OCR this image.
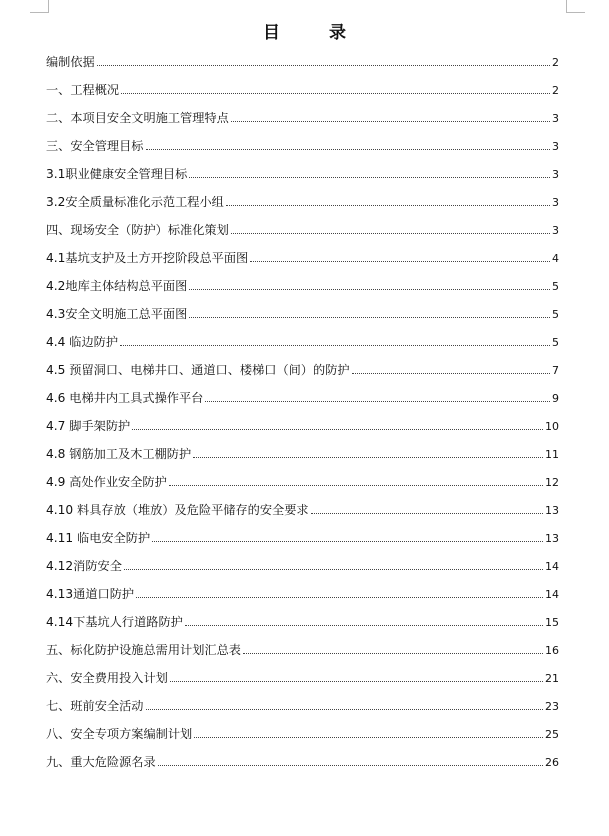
目　录
编制依据	2
一、工程概况	2
二、本项目安全文明施工管理特点	3
三、安全管理目标	3
3.1职业健康安全管理目标	3
3.2安全质量标准化示范工程小组	3
四、现场安全（防护）标准化策划	3
4.1基坑支护及土方开挖阶段总平面图	4
4.2地库主体结构总平面图	5
4.3安全文明施工总平面图	5
4.4 临边防护	5
4.5 预留洞口、电梯井口、通道口、楼梯口（间）的防护	7
4.6 电梯井内工具式操作平台	9
4.7 脚手架防护	10
4.8 钢筋加工及木工棚防护	11
4.9 高处作业安全防护	12
4.10 料具存放（堆放）及危险平储存的安全要求	13
4.11 临电安全防护	13
4.12消防安全	14
4.13通道口防护	14
4.14下基坑人行道路防护	15
五、标化防护设施总需用计划汇总表	16
六、安全费用投入计划	21
七、班前安全活动	23
八、安全专项方案编制计划	25
九、重大危险源名录	26
